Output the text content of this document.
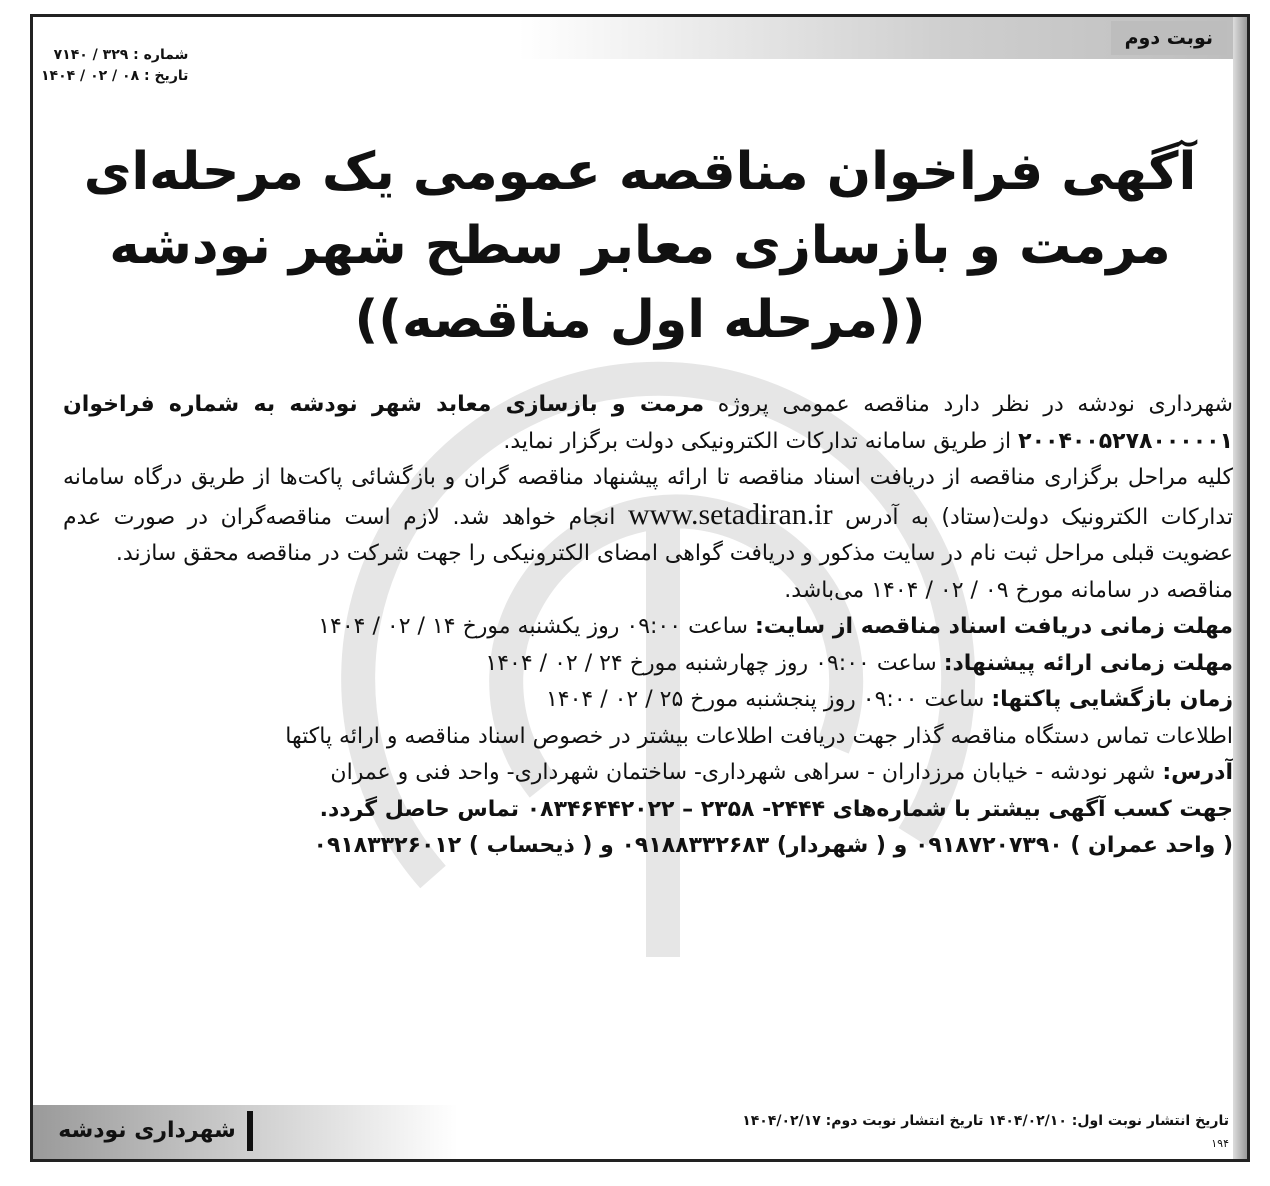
نوبت دوم
شماره : ۳۲۹ / ۷۱۴۰
تاریخ : ۰۸ / ۰۲ / ۱۴۰۴
آگهی فراخوان مناقصه عمومی یک مرحله‌ای
مرمت و بازسازی معابر سطح شهر نودشه
((مرحله اول مناقصه))

شهرداری نودشه در نظر دارد مناقصه عمومی پروژه مرمت و بازسازی معابد شهر نودشه به شماره فراخوان ۲۰۰۴۰۰۵۲۷۸۰۰۰۰۰۱ از طریق سامانه تدارکات الکترونیکی دولت برگزار نماید.

کلیه مراحل برگزاری مناقصه از دریافت اسناد مناقصه تا ارائه پیشنهاد مناقصه گران و بازگشائی پاکت‌ها از طریق درگاه سامانه تدارکات الکترونیک دولت(ستاد) به آدرس www.setadiran.ir انجام خواهد شد. لازم است مناقصه‌گران در صورت عدم عضویت قبلی مراحل ثبت نام در سایت مذکور و دریافت گواهی امضای الکترونیکی را جهت شرکت در مناقصه محقق سازند.

مناقصه در سامانه مورخ ۰۹ / ۰۲ / ۱۴۰۴ می‌باشد.

مهلت زمانی دریافت اسناد مناقصه از سایت: ساعت ۰۹:۰۰ روز یکشنبه مورخ ۱۴ / ۰۲ / ۱۴۰۴

مهلت زمانی ارائه پیشنهاد: ساعت ۰۹:۰۰ روز چهارشنبه مورخ ۲۴ / ۰۲ / ۱۴۰۴

زمان بازگشایی پاکتها: ساعت ۰۹:۰۰ روز پنجشنبه مورخ ۲۵ / ۰۲ / ۱۴۰۴

اطلاعات تماس دستگاه مناقصه گذار جهت دریافت اطلاعات بیشتر در خصوص اسناد مناقصه و ارائه پاکتها

آدرس: شهر نودشه - خیابان مرزداران - سراهی شهرداری- ساختمان شهرداری- واحد فنی و عمران

جهت کسب آگهی بیشتر با شماره‌های ۲۴۴۴- ۲۳۵۸ – ۰۸۳۴۶۴۴۲۰۲۲ تماس حاصل گردد.

( واحد عمران ) ۰۹۱۸۷۲۰۷۳۹۰ و ( شهردار) ۰۹۱۸۸۳۳۲۶۸۳ و ( ذیحساب ) ۰۹۱۸۳۳۲۶۰۱۲

تاریخ انتشار نوبت اول: ۱۴۰۴/۰۲/۱۰ تاریخ انتشار نوبت دوم: ۱۴۰۴/۰۲/۱۷
۱۹۴
شهرداری نودشه
